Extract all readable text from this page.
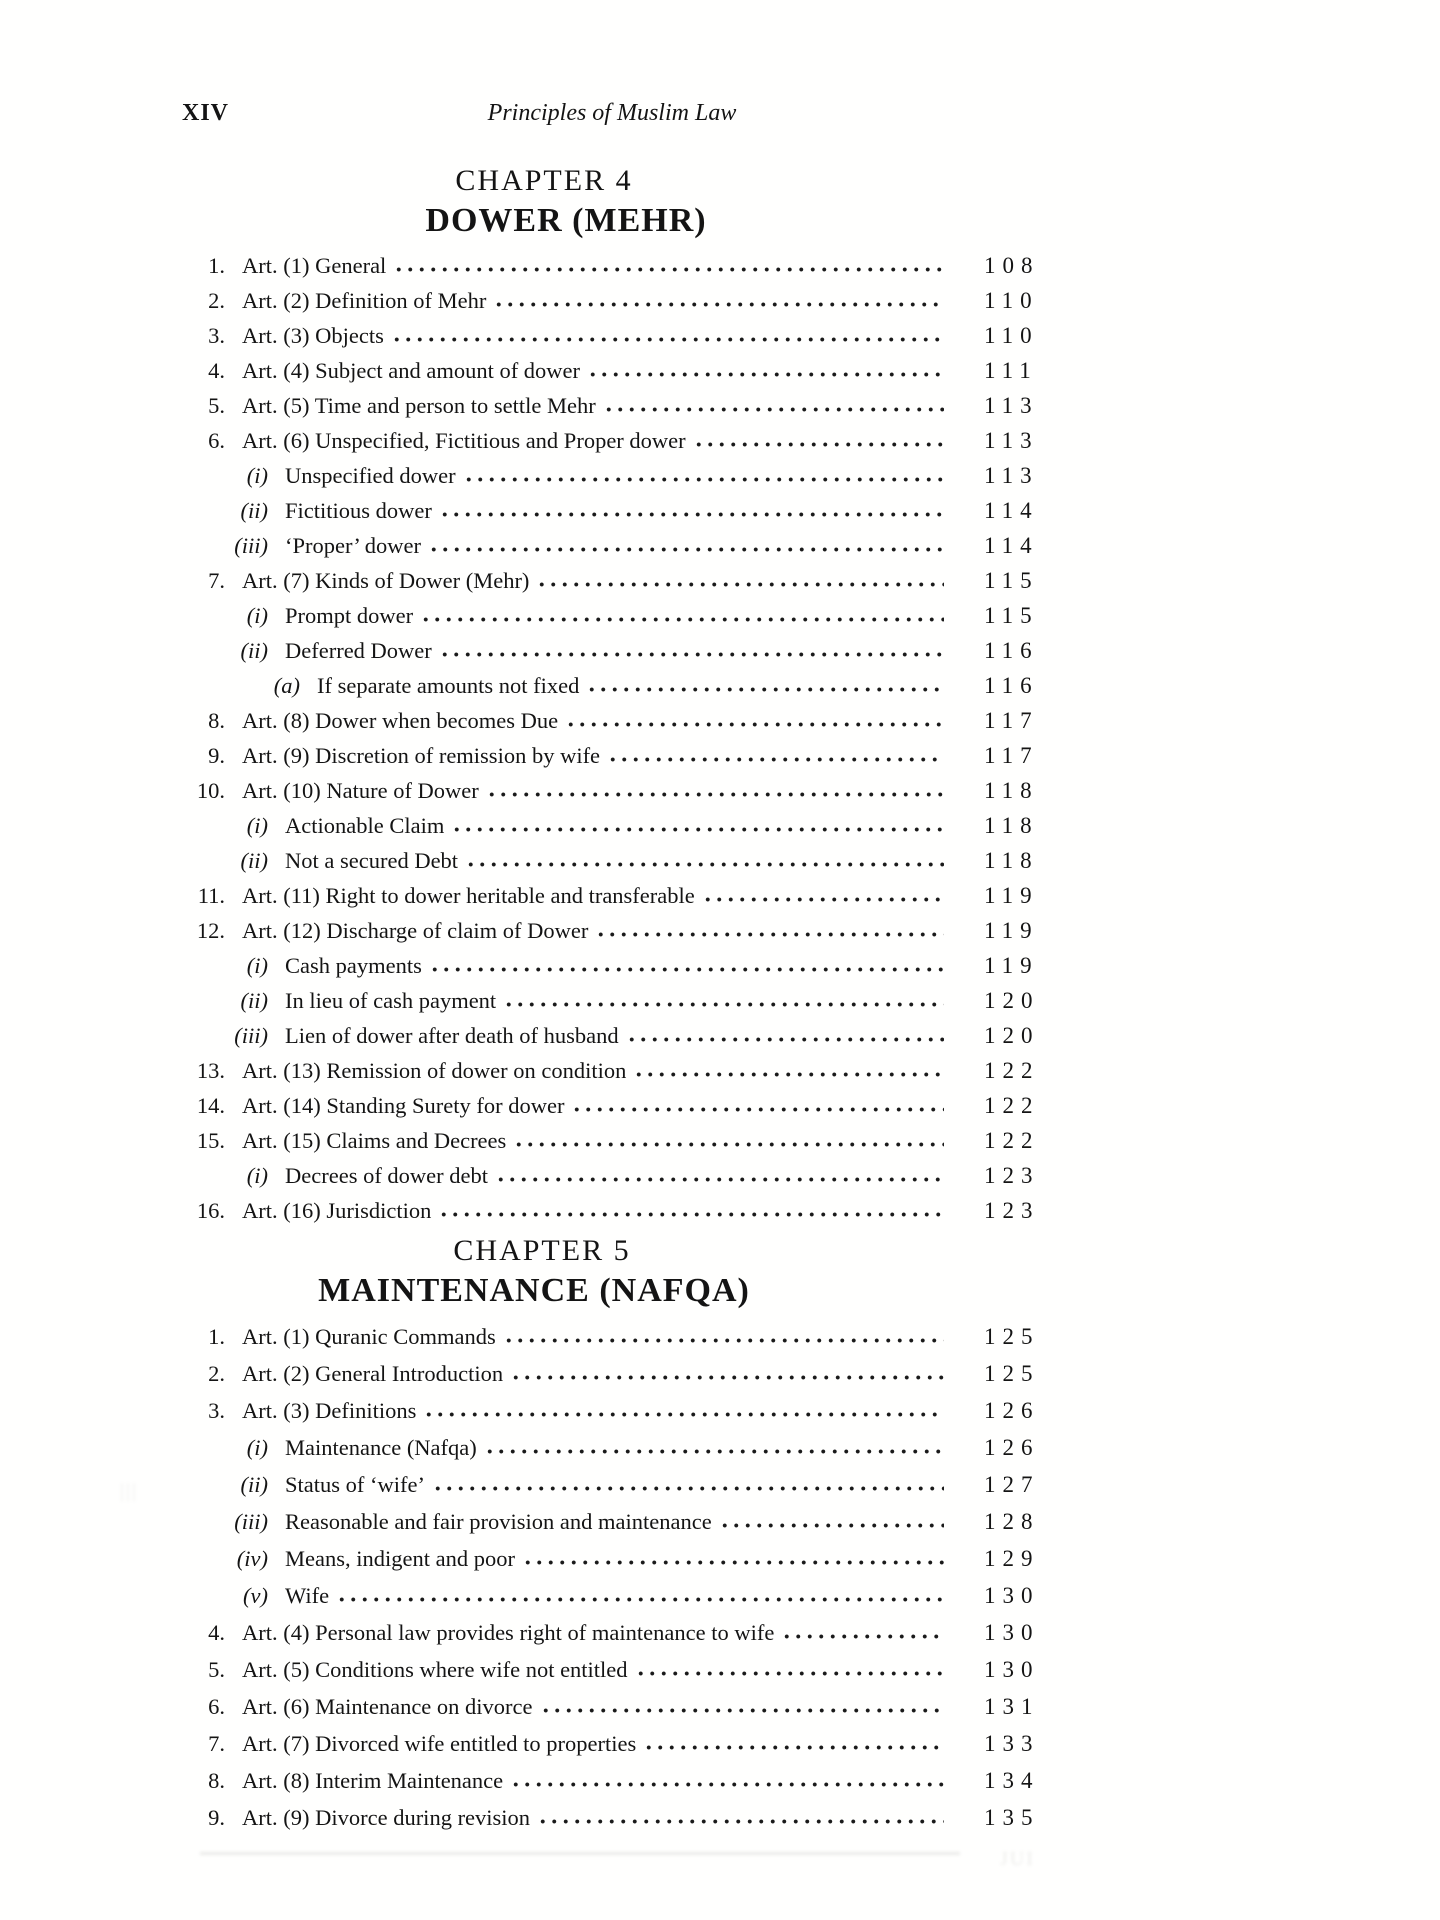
XIV	Principles of Muslim Law
CHAPTER 4
DOWER (MEHR)
1. Art. (1) General	108
2. Art. (2) Definition of Mehr	110
3. Art. (3) Objects	110
4. Art. (4) Subject and amount of dower	111
5. Art. (5) Time and person to settle Mehr	113
6. Art. (6) Unspecified, Fictitious and Proper dower	113
(i) Unspecified dower	113
(ii) Fictitious dower	114
(iii) ‘Proper’ dower	114
7. Art. (7) Kinds of Dower (Mehr)	115
(i) Prompt dower	115
(ii) Deferred Dower	116
(a) If separate amounts not fixed	116
8. Art. (8) Dower when becomes Due	117
9. Art. (9) Discretion of remission by wife	117
10. Art. (10) Nature of Dower	118
(i) Actionable Claim	118
(ii) Not a secured Debt	118
11. Art. (11) Right to dower heritable and transferable	119
12. Art. (12) Discharge of claim of Dower	119
(i) Cash payments	119
(ii) In lieu of cash payment	120
(iii) Lien of dower after death of husband	120
13. Art. (13) Remission of dower on condition	122
14. Art. (14) Standing Surety for dower	122
15. Art. (15) Claims and Decrees	122
(i) Decrees of dower debt	123
16. Art. (16) Jurisdiction	123
CHAPTER 5
MAINTENANCE (NAFQA)
1. Art. (1) Quranic Commands	125
2. Art. (2) General Introduction	125
3. Art. (3) Definitions	126
(i) Maintenance (Nafqa)	126
(ii) Status of ‘wife’	127
(iii) Reasonable and fair provision and maintenance	128
(iv) Means, indigent and poor	129
(v) Wife	130
4. Art. (4) Personal law provides right of maintenance to wife	130
5. Art. (5) Conditions where wife not entitled	130
6. Art. (6) Maintenance on divorce	131
7. Art. (7) Divorced wife entitled to properties	133
8. Art. (8) Interim Maintenance	134
9. Art. (9) Divorce during revision	135
|||
JUI
